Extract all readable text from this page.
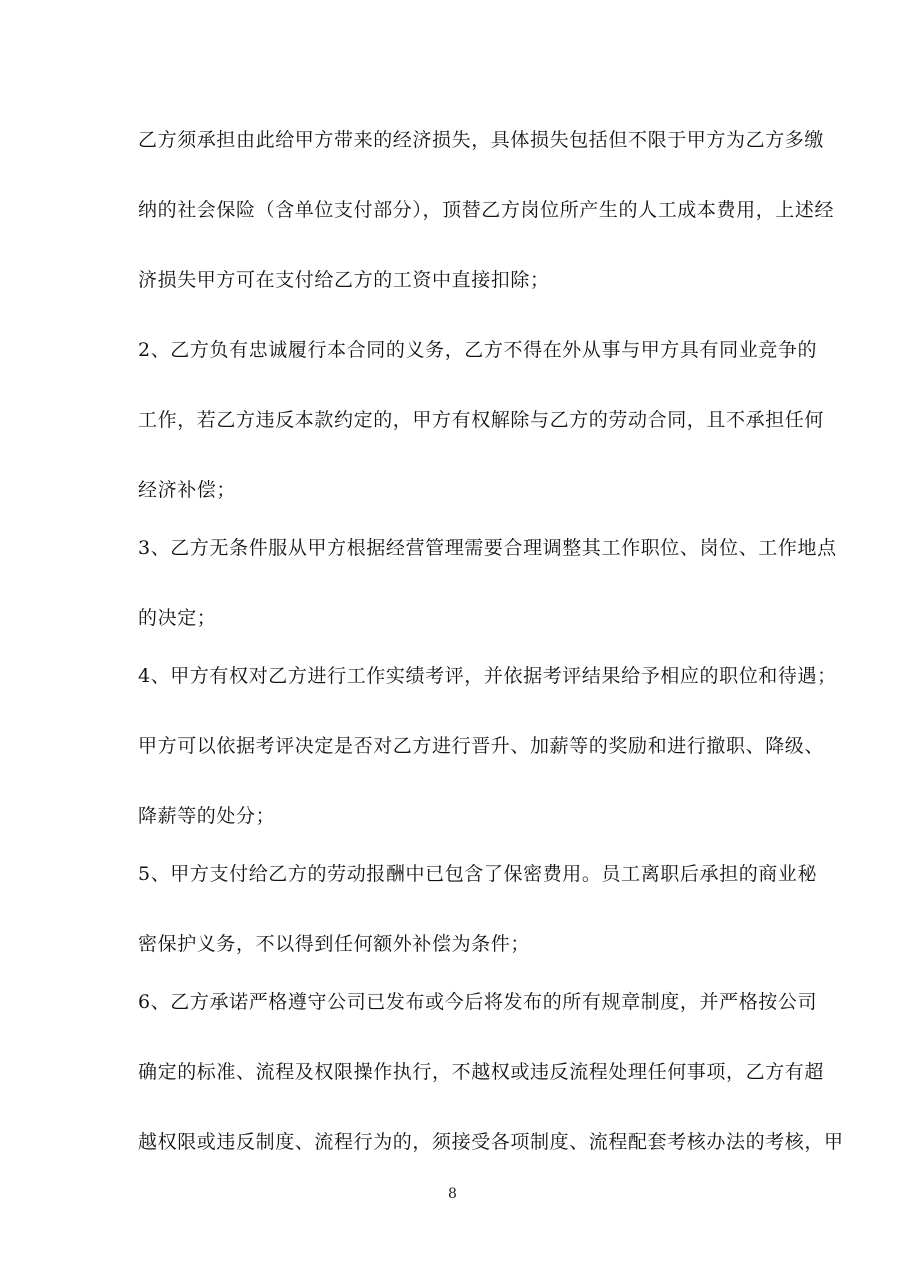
乙方须承担由此给甲方带来的经济损失，具体损失包括但不限于甲方为乙方多缴
纳的社会保险（含单位支付部分），顶替乙方岗位所产生的人工成本费用，上述经
济损失甲方可在支付给乙方的工资中直接扣除；
2、乙方负有忠诚履行本合同的义务，乙方不得在外从事与甲方具有同业竞争的
工作，若乙方违反本款约定的，甲方有权解除与乙方的劳动合同，且不承担任何
经济补偿；
3、乙方无条件服从甲方根据经营管理需要合理调整其工作职位、岗位、工作地点
的决定；
4、甲方有权对乙方进行工作实绩考评，并依据考评结果给予相应的职位和待遇；
甲方可以依据考评决定是否对乙方进行晋升、加薪等的奖励和进行撤职、降级、
降薪等的处分；
5、甲方支付给乙方的劳动报酬中已包含了保密费用。员工离职后承担的商业秘
密保护义务，不以得到任何额外补偿为条件；
6、乙方承诺严格遵守公司已发布或今后将发布的所有规章制度，并严格按公司
确定的标准、流程及权限操作执行，不越权或违反流程处理任何事项，乙方有超
越权限或违反制度、流程行为的，须接受各项制度、流程配套考核办法的考核，甲
8
